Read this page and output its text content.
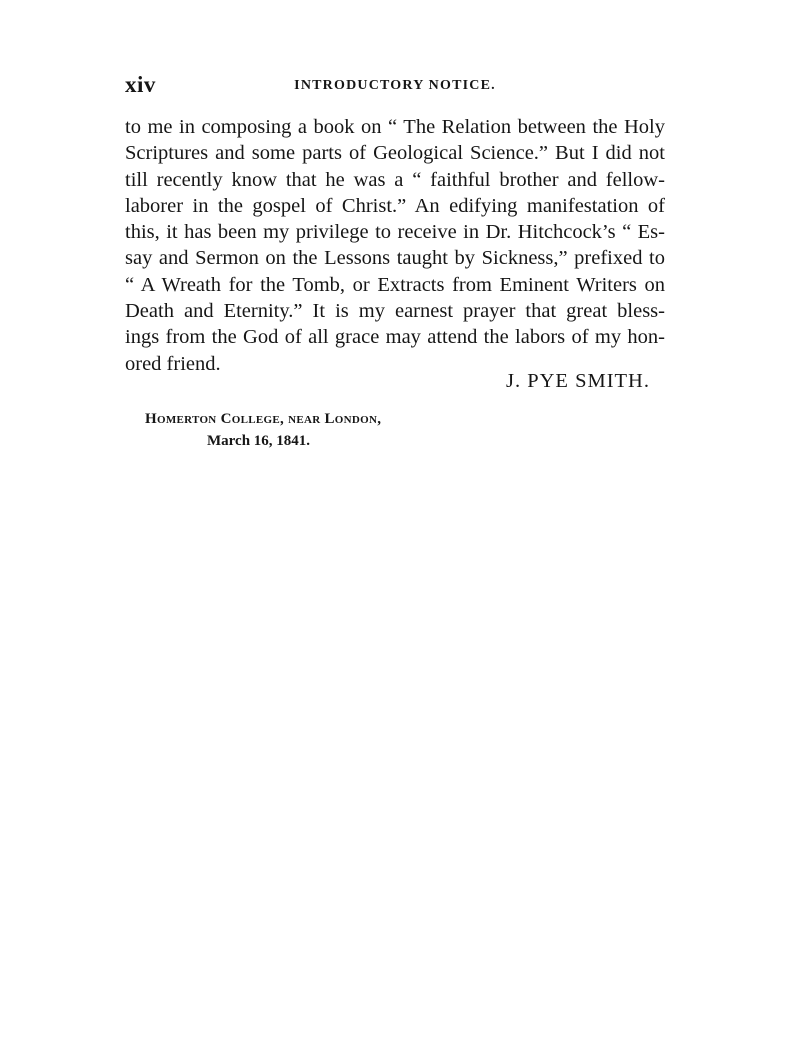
xiv	INTRODUCTORY NOTICE.
to me in composing a book on “ The Relation between the Holy
Scriptures and some parts of Geological Science.” But I did not
till recently know that he was a “ faithful brother and fellow-
laborer in the gospel of Christ.” An edifying manifestation of
this, it has been my privilege to receive in Dr. Hitchcock’s “ Es-
say and Sermon on the Lessons taught by Sickness,” prefixed to
“ A Wreath for the Tomb, or Extracts from Eminent Writers on
Death and Eternity.” It is my earnest prayer that great bless-
ings from the God of all grace may attend the labors of my hon-
ored friend.
J. PYE SMITH.
Homerton College, near London,
March 16, 1841.
